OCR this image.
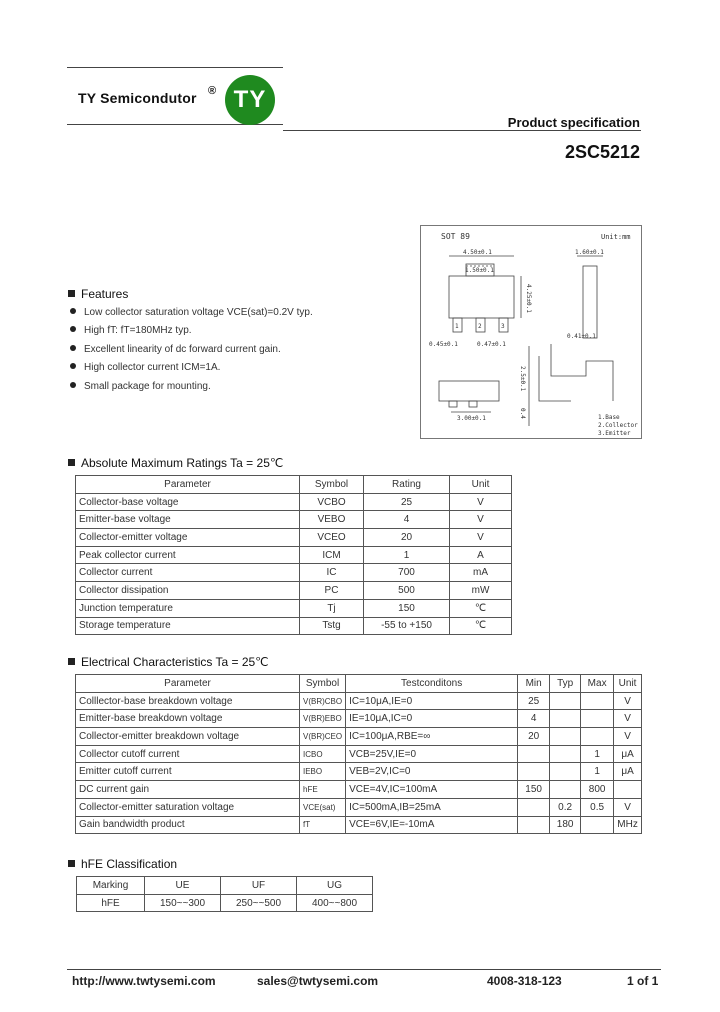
TY Semicondutor ® TY
Product specification
2SC5212
SOT 89	Unit:mm
4.50±0.1
1.50±0.1
1	2	3
0.45±0.1	0.47±0.1
4.25±0.1
1.60±0.1
0.41±0.1
3.00±0.1
2.5±0.1
0.4	1.Base
2.Collector
3.Emitter
Features
Low collector saturation voltage VCE(sat)=0.2V typ.
High fT: fT=180MHz typ.
Excellent linearity of dc forward current gain.
High collector current ICM=1A.
Small package for mounting.
Absolute Maximum Ratings Ta = 25℃
Parameter	Symbol	Rating	Unit
Collector-base voltage	VCBO	25	V
Emitter-base voltage	VEBO	4	V
Collector-emitter voltage	VCEO	20	V
Peak collector current	ICM	1	A
Collector current	IC	700	mA
Collector dissipation	PC	500	mW
Junction temperature	Tj	150	℃
Storage temperature	Tstg	-55 to +150	℃
Electrical Characteristics Ta = 25℃
Parameter	Symbol	Testconditons	Min	Typ	Max	Unit
Colllector-base breakdown voltage	V(BR)CBO	IC=10μA,IE=0	25			V
Emitter-base breakdown voltage	V(BR)EBO	IE=10μA,IC=0	4			V
Collector-emitter breakdown voltage	V(BR)CEO	IC=100μA,RBE=∞	20			V
Collector cutoff current	ICBO	VCB=25V,IE=0			1	μA
Emitter cutoff current	IEBO	VEB=2V,IC=0			1	μA
DC current gain	hFE	VCE=4V,IC=100mA	150		800	
Collector-emitter saturation voltage	VCE(sat)	IC=500mA,IB=25mA		0.2	0.5	V
Gain bandwidth product	fT	VCE=6V,IE=-10mA		180		MHz
hFE Classification
Marking	UE	UF	UG
hFE	150~~300	250~~500	400~~800
http://www.twtysemi.com	sales@twtysemi.com	4008-318-123	1 of 1
